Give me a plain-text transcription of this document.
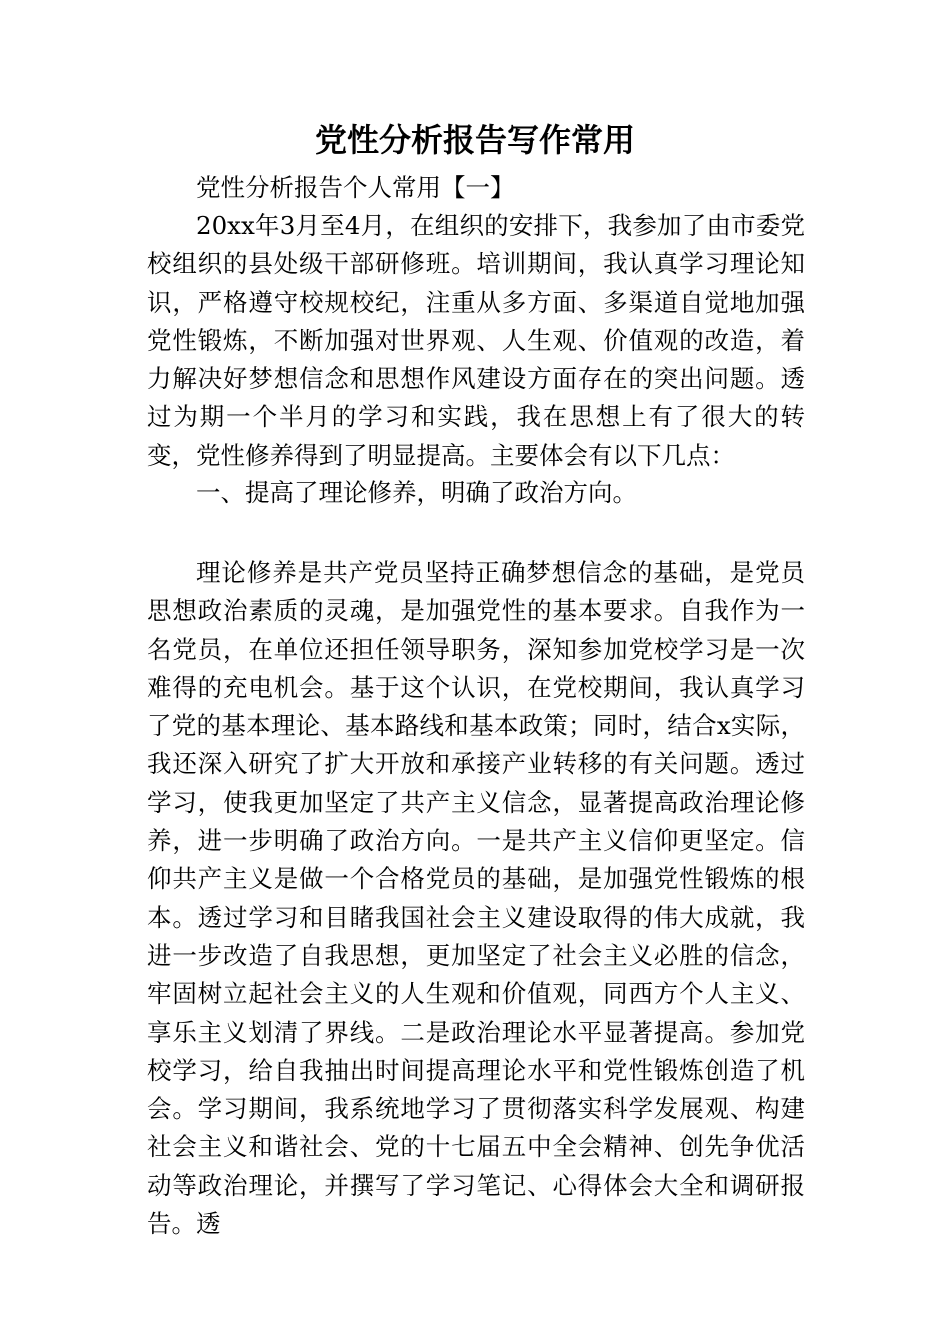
党性分析报告写作常用

党性分析报告个人常用【一】

20xx年3月至4月，在组织的安排下，我参加了由市委党校组织的县处级干部研修班。培训期间，我认真学习理论知识，严格遵守校规校纪，注重从多方面、多渠道自觉地加强党性锻炼，不断加强对世界观、人生观、价值观的改造，着力解决好梦想信念和思想作风建设方面存在的突出问题。透过为期一个半月的学习和实践，我在思想上有了很大的转变，党性修养得到了明显提高。主要体会有以下几点：

一、提高了理论修养，明确了政治方向。

理论修养是共产党员坚持正确梦想信念的基础，是党员思想政治素质的灵魂，是加强党性的基本要求。自我作为一名党员，在单位还担任领导职务，深知参加党校学习是一次难得的充电机会。基于这个认识，在党校期间，我认真学习了党的基本理论、基本路线和基本政策；同时，结合x实际，我还深入研究了扩大开放和承接产业转移的有关问题。透过学习，使我更加坚定了共产主义信念，显著提高政治理论修养，进一步明确了政治方向。一是共产主义信仰更坚定。信仰共产主义是做一个合格党员的基础，是加强党性锻炼的根本。透过学习和目睹我国社会主义建设取得的伟大成就，我进一步改造了自我思想，更加坚定了社会主义必胜的信念，牢固树立起社会主义的人生观和价值观，同西方个人主义、享乐主义划清了界线。二是政治理论水平显著提高。参加党校学习，给自我抽出时间提高理论水平和党性锻炼创造了机会。学习期间，我系统地学习了贯彻落实科学发展观、构建社会主义和谐社会、党的十七届五中全会精神、创先争优活动等政治理论，并撰写了学习笔记、心得体会大全和调研报告。透
